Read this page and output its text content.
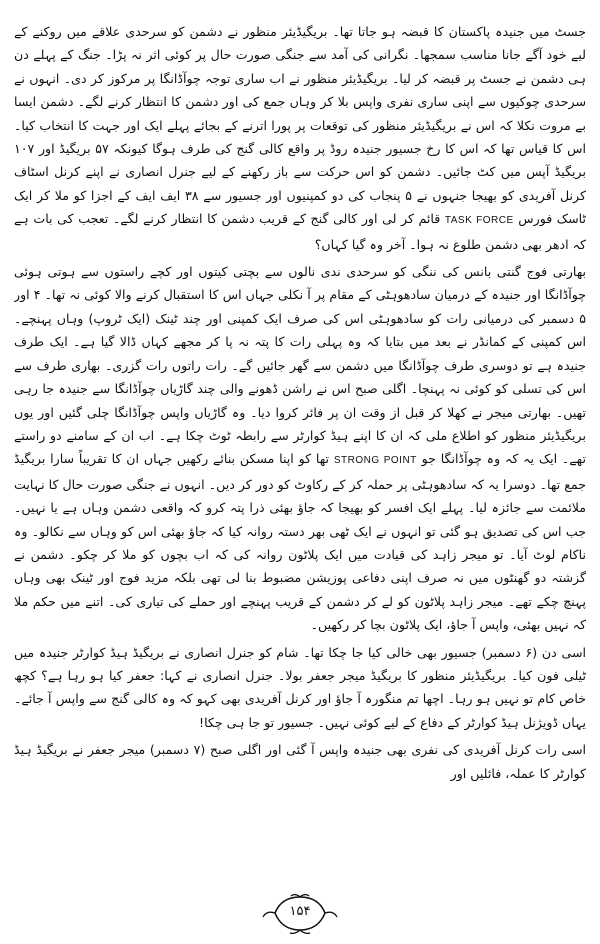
جسٹ میں جنیدہ پاکستان کا قبضہ ہو جاتا تھا۔ بریگیڈیئر منظور نے دشمن کو سرحدی علاقے میں روکنے کے لیے خود آگے جانا مناسب سمجھا۔ نگرانی کی آمد سے جنگی صورت حال پر کوئی اثر نہ پڑا۔ جنگ کے پہلے دن ہی دشمن نے جسٹ پر قبضہ کر لیا۔ بریگیڈیئر منظور نے اب ساری توجہ چوآڈانگا پر مرکوز کر دی۔ انہوں نے سرحدی چوکیوں سے اپنی ساری نفری واپس بلا کر وہاں جمع کی اور دشمن کا انتظار کرنے لگے۔ دشمن ایسا بے مروت نکلا کہ اس نے بریگیڈیئر منظور کی توقعات پر پورا اترنے کے بجائے پہلے ایک اور جہت کا انتخاب کیا۔ اس کا قیاس تھا کہ اس کا رخ جسیور جنیدہ روڈ پر واقع کالی گنج کی طرف ہوگا کیونکہ ۵۷ بریگیڈ اور ۱۰۷ بریگیڈ آپس میں کٹ جائیں۔ دشمن کو اس حرکت سے باز رکھنے کے لیے جنرل انصاری نے اپنے کرنل اسٹاف کرنل آفریدی کو بھیجا جنہوں نے ۵ پنجاب کی دو کمپنیوں اور جسیور سے ۳۸ ایف ایف کے اجزا کو ملا کر ایک ٹاسک فورس TASK FORCE قائم کر لی اور کالی گنج کے قریب دشمن کا انتظار کرنے لگے۔ تعجب کی بات ہے کہ ادھر بھی دشمن طلوع نہ ہوا۔ آخر وہ گیا کہاں؟

بھارتی فوج گنتی بانس کی ننگی کو سرحدی ندی نالوں سے بچتی کیتوں اور کچے راستوں سے ہوتی ہوئی چوآڈانگا اور جنیدہ کے درمیان سادھوہٹی کے مقام پر آ نکلی جہاں اس کا استقبال کرنے والا کوئی نہ تھا۔ ۴ اور ۵ دسمبر کی درمیانی رات کو سادھوہٹی اس کی صرف ایک کمپنی اور چند ٹینک (ایک ٹروپ) وہاں پہنچے۔ اس کمپنی کے کمانڈر نے بعد میں بتایا کہ وہ پہلی رات کا پتہ نہ پا کر مجھے کہاں ڈالا گیا ہے۔ ایک طرف جنیدہ ہے تو دوسری طرف چوآڈانگا میں دشمن سے گھر جائیں گے۔ رات راتوں رات گزری۔ بھاری طرف سے اس کی تسلی کو کوئی نہ پہنچا۔ اگلی صبح اس نے راشن ڈھونے والی چند گاڑیاں چوآڈانگا سے جنیدہ جا رہی تھیں۔ بھارتی میجر نے کھلا کر قبل از وقت ان پر فائر کروا دیا۔ وہ گاڑیاں واپس چوآڈانگا چلی گئیں اور یوں بریگیڈیئر منظور کو اطلاع ملی کہ ان کا اپنے ہیڈ کوارٹر سے رابطہ ٹوٹ چکا ہے۔ اب ان کے سامنے دو راستے تھے۔ ایک یہ کہ وہ چوآڈانگا جو STRONG POINT تھا کو اپنا مسکن بنائے رکھیں جہاں ان کا تقریباً سارا بریگیڈ جمع تھا۔ دوسرا یہ کہ سادھوہٹی پر حملہ کر کے رکاوٹ کو دور کر دیں۔ انہوں نے جنگی صورت حال کا نہایت ملائمت سے جائزہ لیا۔ پہلے ایک افسر کو بھیجا کہ جاؤ بھئی ذرا پتہ کرو کہ واقعی دشمن وہاں ہے یا نہیں۔ جب اس کی تصدیق ہو گئی تو انہوں نے ایک ٹھی بھر دستہ روانہ کیا کہ جاؤ بھئی اس کو وہاں سے نکالو۔ وہ ناکام لوٹ آیا۔ تو میجر زاہد کی قیادت میں ایک پلاٹون روانہ کی کہ اب بچوں کو ملا کر چکو۔ دشمن نے گزشتہ دو گھنٹوں میں نہ صرف اپنی دفاعی پوزیشن مضبوط بنا لی تھی بلکہ مزید فوج اور ٹینک بھی وہاں پہنچ چکے تھے۔ میجر زاہد پلاٹون کو لے کر دشمن کے قریب پہنچے اور حملے کی تیاری کی۔ اتنے میں حکم ملا کہ نہیں بھئی، واپس آ جاؤ، ایک پلاٹون بچا کر رکھیں۔

اسی دن (۶ دسمبر) جسیور بھی خالی کیا جا چکا تھا۔ شام کو جنرل انصاری نے بریگیڈ ہیڈ کوارٹر جنیدہ میں ٹیلی فون کیا۔ بریگیڈیئر منظور کا بریگیڈ میجر جعفر بولا۔ جنرل انصاری نے کہا: جعفر کیا ہو رہا ہے؟ کچھ خاص کام تو نہیں ہو رہا۔ اچھا تم منگورہ آ جاؤ اور کرنل آفریدی بھی کہو کہ وہ کالی گنج سے واپس آ جائے۔ یہاں ڈویژنل ہیڈ کوارٹر کے دفاع کے لیے کوئی نہیں۔ جسیور تو جا ہی چکا!

اسی رات کرنل آفریدی کی نفری بھی جنیدہ واپس آ گئی اور اگلی صبح (۷ دسمبر) میجر جعفر نے بریگیڈ ہیڈ کوارٹر کا عملہ، فائلیں اور

۱۵۴
